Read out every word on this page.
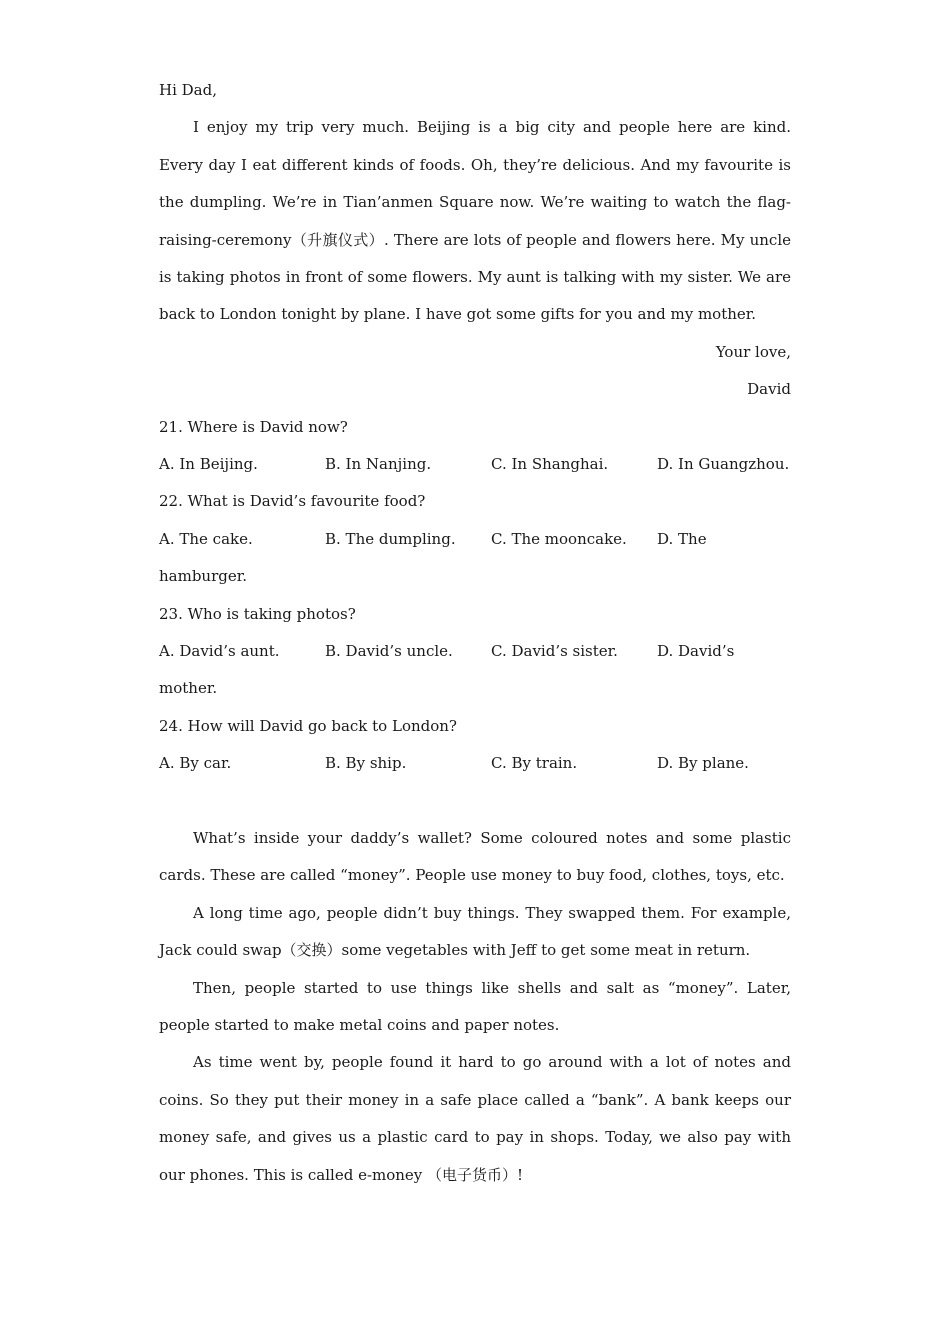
Hi Dad,
I enjoy my trip very much. Beijing is a big city and people here are kind. Every day I eat different kinds of foods. Oh, they’re delicious. And my favourite is the dumpling. We’re in Tian’anmen Square now. We’re waiting to watch the flag-raising-ceremony（升旗仪式）. There are lots of people and flowers here. My uncle is taking photos in front of some flowers. My aunt is talking with my sister. We are back to London tonight by plane. I have got some gifts for you and my mother.
Your love,
David
21. Where is David now?
A. In Beijing.	B. In Nanjing.	C. In Shanghai.	D. In Guangzhou.
22. What is David’s favourite food?
A. The cake.	B. The dumpling.	C. The mooncake.	D. The
hamburger.
23. Who is taking photos?
A. David’s aunt.	B. David’s uncle.	C. David’s sister.	D. David’s
mother.
24. How will David go back to London?
A. By car.	B. By ship.	C. By train.	D. By plane.
What’s inside your daddy’s wallet? Some coloured notes and some plastic cards. These are called “money”. People use money to buy food, clothes, toys, etc.
A long time ago, people didn’t buy things. They swapped them. For example, Jack could swap（交换）some vegetables with Jeff to get some meat in return.
Then, people started to use things like shells and salt as “money”. Later, people started to make metal coins and paper notes.
As time went by, people found it hard to go around with a lot of notes and coins. So they put their money in a safe place called a “bank”. A bank keeps our money safe, and gives us a plastic card to pay in shops. Today, we also pay with our phones. This is called e-money （电子货币）!
